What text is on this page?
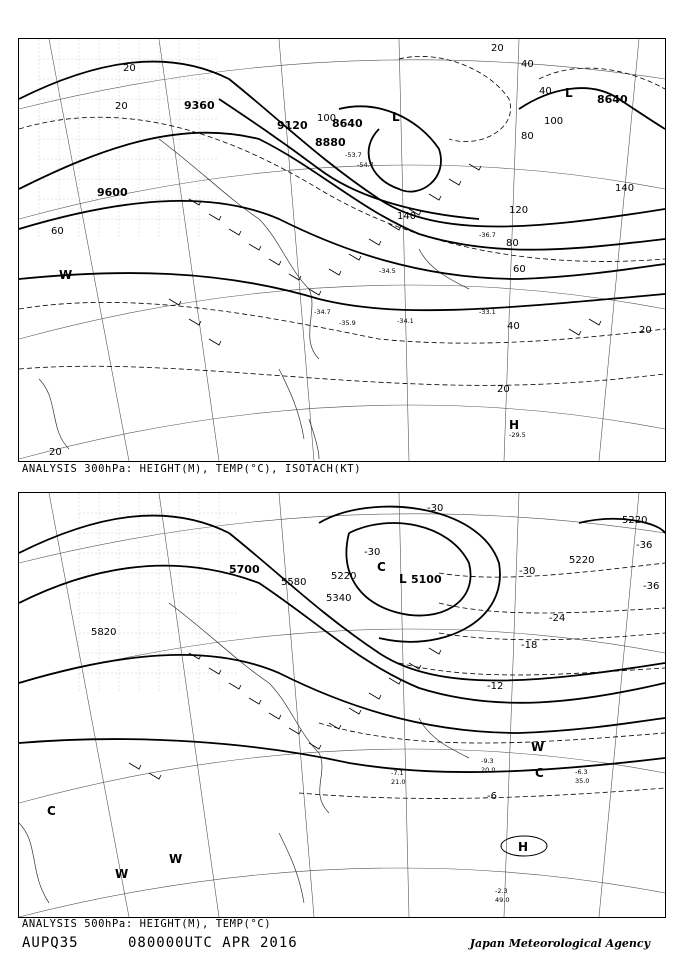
9360
9120 8640
8880
9600
8640
20
20
60
100
140
140
120
80
60
40
20
20
40
80
100
40
20
20
-29.5
-33.1
-34.1
-35.9
-34.7
-54.7
-53.7
-34.5
-36.7
L
L
H
W
ANALYSIS 300hPa: HEIGHT(M), TEMP(°C), ISOTACH(KT)
5700
5580
5220	5100
5340
5820
5220
5220
-36
-30
-24
-18
-12
-6
-30
-36
-30
-2.3
49.0
-6.3
35.0
-9.3
20.0
-7.1
21.0
L
H
C
C
W
W
W
C
ANALYSIS 500hPa: HEIGHT(M), TEMP(°C)
AUPQ35	080000UTC APR 2016	Japan Meteorological Agency
